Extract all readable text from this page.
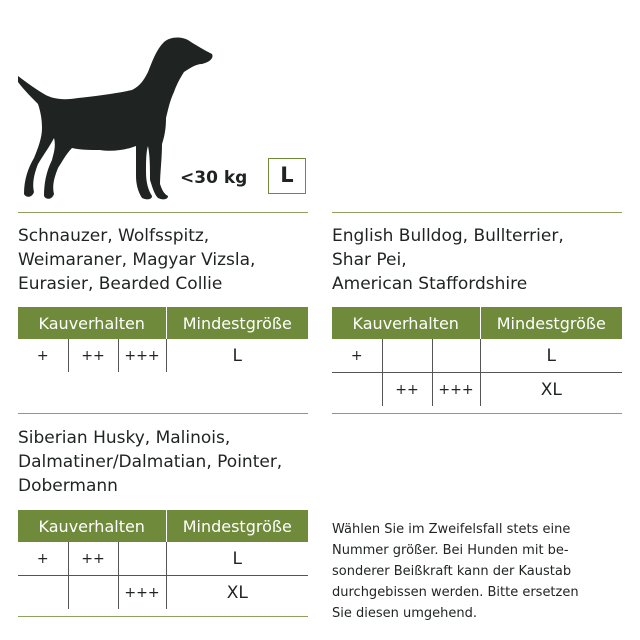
<30 kg	L

Schnauzer, Wolfsspitz,
Weimaraner, Magyar Vizsla,
Eurasier, Bearded Collie

Kauverhalten			Mindestgröße
+	++	+++	L

English Bulldog, Bullterrier,
Shar Pei,
American Staffordshire

Kauverhalten			Mindestgröße
+			L
	++	+++	XL

Siberian Husky, Malinois,
Dalmatiner/Dalmatian, Pointer,
Dobermann

Kauverhalten			Mindestgröße
+	++		L
		+++	XL

Wählen Sie im Zweifelsfall stets eine
Nummer größer. Bei Hunden mit be-
sonderer Beißkraft kann der Kaustab
durchgebissen werden. Bitte ersetzen
Sie diesen umgehend.
